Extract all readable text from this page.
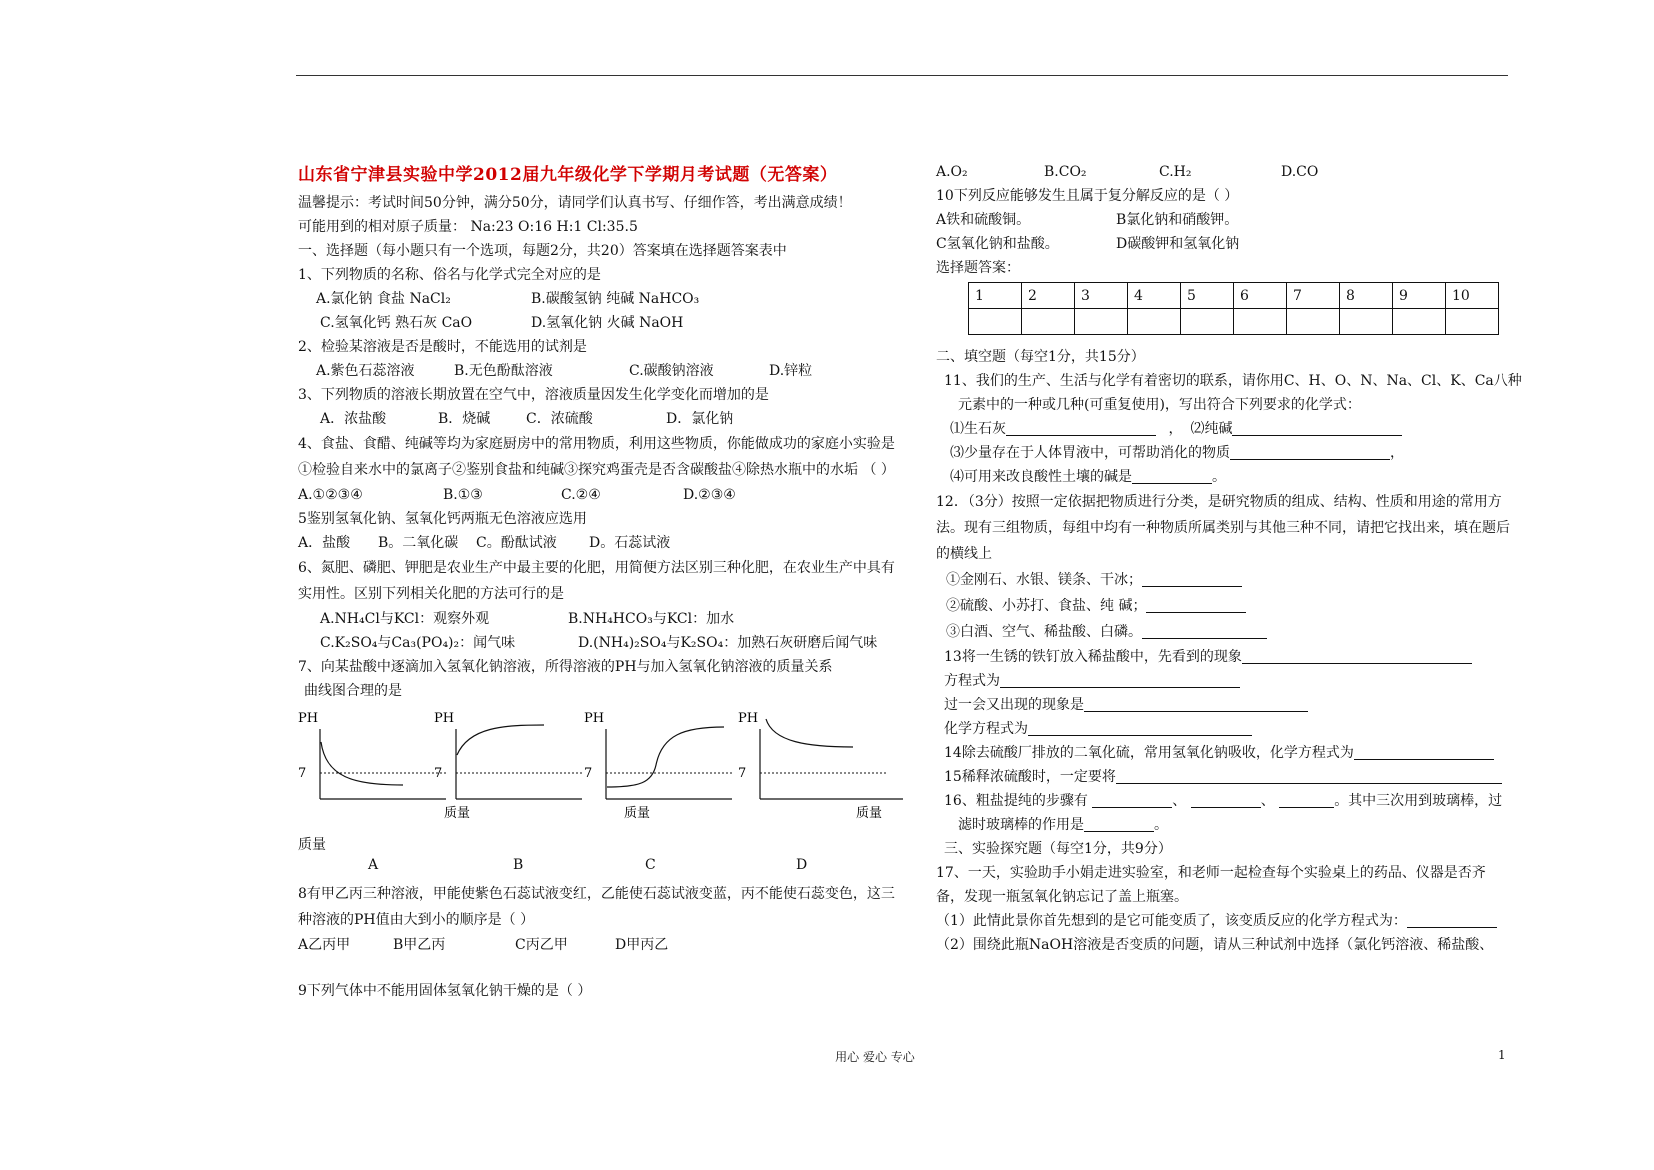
山东省宁津县实验中学2012届九年级化学下学期月考试题（无答案）
温馨提示：考试时间50分钟，满分50分，请同学们认真书写、仔细作答，考出满意成绩！
可能用到的相对原子质量： Na:23 O:16 H:1 Cl:35.5
一、选择题（每小题只有一个选项，每题2分，共20）答案填在选择题答案表中
1、下列物质的名称、俗名与化学式完全对应的是
A.氯化钠 食盐 NaCl₂	B.碳酸氢钠 纯碱 NaHCO₃
C.氢氧化钙 熟石灰 CaO	D.氢氧化钠 火碱 NaOH
2、检验某溶液是否是酸时，不能选用的试剂是
A.紫色石蕊溶液	B.无色酚酞溶液	C.碳酸钠溶液	D.锌粒
3、下列物质的溶液长期放置在空气中，溶液质量因发生化学变化而增加的是
A．浓盐酸	B．烧碱	C．浓硫酸	D．氯化钠
4、食盐、食醋、纯碱等均为家庭厨房中的常用物质，利用这些物质，你能做成功的家庭小实验是①检验自来水中的氯离子②鉴别食盐和纯碱③探究鸡蛋壳是否含碳酸盐④除热水瓶中的水垢 （ ）
A.①②③④	B.①③	C.②④	D.②③④
5鉴别氢氧化钠、氢氧化钙两瓶无色溶液应选用
A．盐酸 B。二氧化碳 C。酚酞试液 D。石蕊试液
6、氮肥、磷肥、钾肥是农业生产中最主要的化肥，用简便方法区别三种化肥，在农业生产中具有实用性。区别下列相关化肥的方法可行的是
A.NH₄Cl与KCl：观察外观	B.NH₄HCO₃与KCl：加水
C.K₂SO₄与Ca₃(PO₄)₂：闻气味	D.(NH₄)₂SO₄与K₂SO₄：加熟石灰研磨后闻气味
7、向某盐酸中逐滴加入氢氧化钠溶液，所得溶液的PH与加入氢氧化钠溶液的质量关系
曲线图合理的是
PH
7
PH
7
质量
PH
7
质量
PH
7
质量
质量
A	B	C	D
8有甲乙丙三种溶液，甲能使紫色石蕊试液变红，乙能使石蕊试液变蓝，丙不能使石蕊变色，这三种溶液的PH值由大到小的顺序是（ ）
A乙丙甲	B甲乙丙	C丙乙甲	D甲丙乙
9下列气体中不能用固体氢氧化钠干燥的是（ ）
A.O₂	B.CO₂	C.H₂	D.CO
10下列反应能够发生且属于复分解反应的是（ ）
A铁和硫酸铜。	B氯化钠和硝酸钾。
C氢氧化钠和盐酸。	D碳酸钾和氢氧化钠
选择题答案：
1	2	3	4	5	6	7	8	9	10

二、填空题（每空1分，共15分）
11、我们的生产、生活与化学有着密切的联系，请你用C、H、O、N、Na、Cl、K、Ca八种
元素中的一种或几种(可重复使用)，写出符合下列要求的化学式：
⑴生石灰	， ⑵纯碱
⑶少量存在于人体胃液中，可帮助消化的物质	，
⑷可用来改良酸性土壤的碱是	。
12．（3分）按照一定依据把物质进行分类，是研究物质的组成、结构、性质和用途的常用方
法。现有三组物质，每组中均有一种物质所属类别与其他三种不同，请把它找出来，填在题后的横线上
①金刚石、水银、镁条、干冰；
②硫酸、小苏打、食盐、纯 碱；
③白酒、空气、稀盐酸、白磷。
13将一生锈的铁钉放入稀盐酸中，先看到的现象
方程式为
过一会又出现的现象是
化学方程式为
14除去硫酸厂排放的二氧化硫，常用氢氧化钠吸收，化学方程式为
15稀释浓硫酸时，一定要将
16、粗盐提纯的步骤有	、	、	。其中三次用到玻璃棒，过
滤时玻璃棒的作用是	。
三、实验探究题（每空1分，共9分）
17、一天，实验助手小娟走进实验室，和老师一起检查每个实验桌上的药品、仪器是否齐备，发现一瓶氢氧化钠忘记了盖上瓶塞。
（1）此情此景你首先想到的是它可能变质了，该变质反应的化学方程式为：
（2）围绕此瓶NaOH溶液是否变质的问题，请从三种试剂中选择（氯化钙溶液、稀盐酸、
用心 爱心 专心	1
